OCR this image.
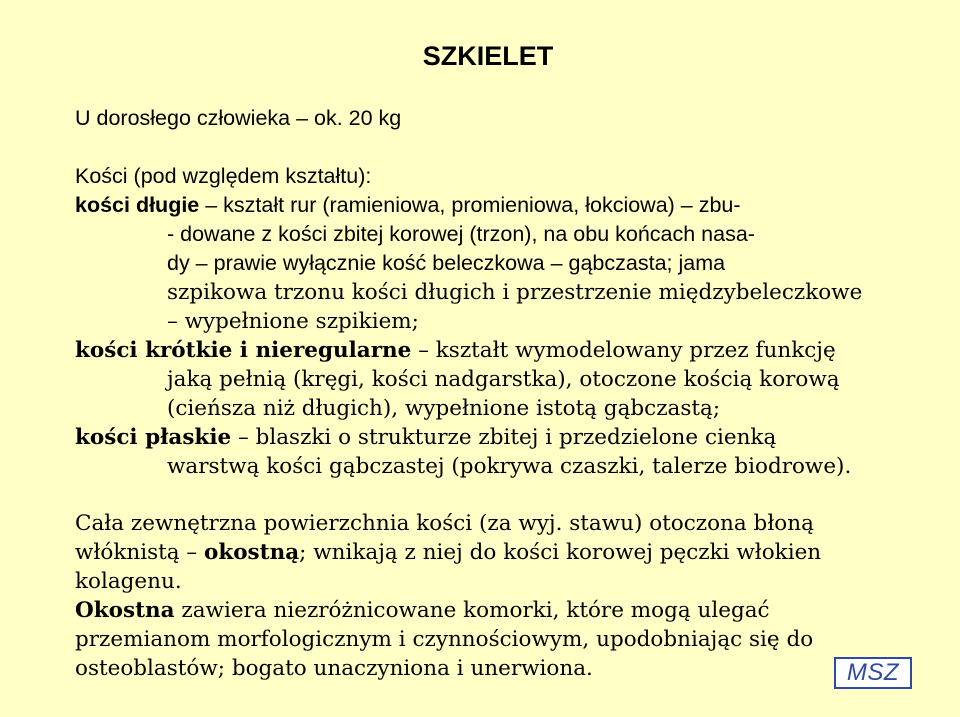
SZKIELET
U dorosłego człowieka – ok. 20 kg
Kości (pod względem kształtu):
kości długie – kształt rur (ramieniowa, promieniowa, łokciowa) – zbu-
- dowane z kości zbitej korowej (trzon), na obu końcach nasa-
dy – prawie wyłącznie kość beleczkowa – gąbczasta; jama
szpikowa trzonu kości długich i przestrzenie międzybeleczkowe
– wypełnione szpikiem;
kości krótkie i nieregularne – kształt wymodelowany przez funkcję
jaką pełnią (kręgi, kości nadgarstka), otoczone kością korową
(cieńsza niż długich), wypełnione istotą gąbczastą;
kości płaskie – blaszki o strukturze zbitej i przedzielone cienką
warstwą kości gąbczastej (pokrywa czaszki, talerze biodrowe).
Cała zewnętrzna powierzchnia kości (za wyj. stawu) otoczona błoną
włóknistą – okostną; wnikają z niej do kości korowej pęczki włokien
kolagenu.
Okostna zawiera niezróżnicowane komorki, które mogą ulegać
przemianom morfologicznym i czynnościowym, upodobniając się do
osteoblastów; bogato unaczyniona i unerwiona.	MSZ
